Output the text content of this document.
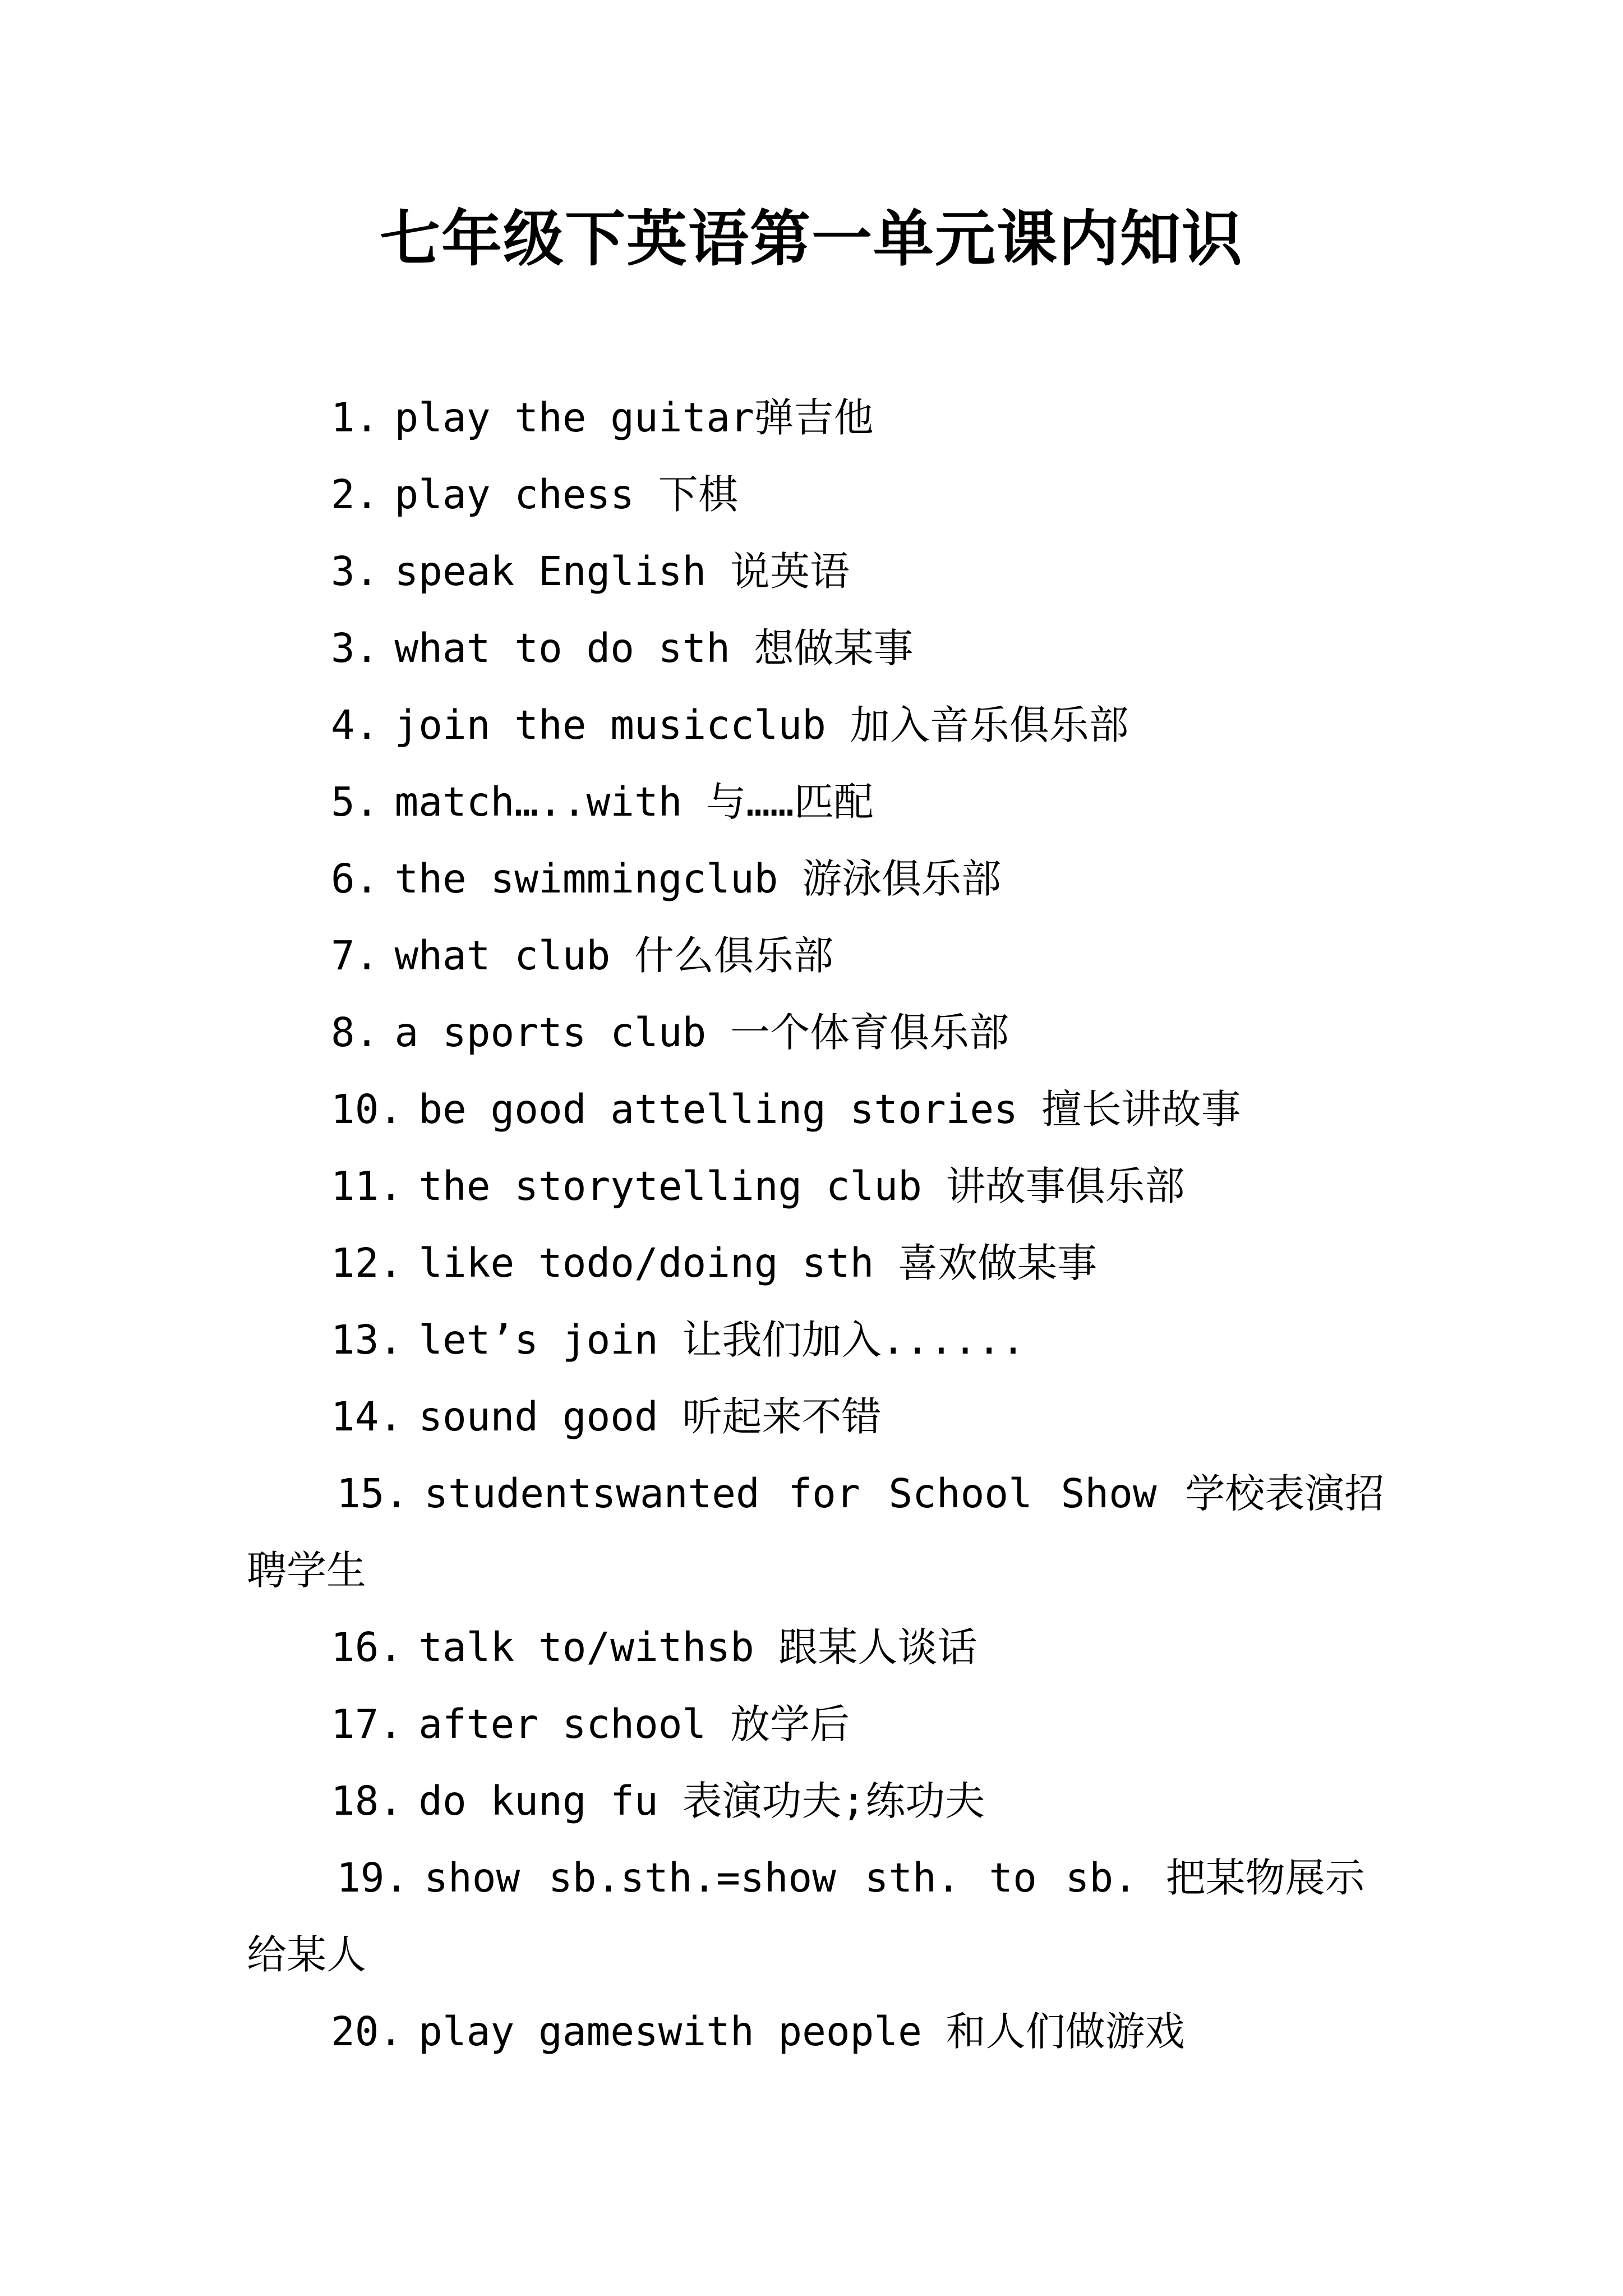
七年级下英语第一单元课内知识
1. play the guitar弹吉他
2. play chess 下棋
3. speak English 说英语
3. what to do sth 想做某事
4. join the musicclub 加入音乐俱乐部
5. match…..with 与……匹配
6. the swimmingclub 游泳俱乐部
7. what club 什么俱乐部
8. a sports club 一个体育俱乐部
10. be good attelling stories 擅长讲故事
11. the storytelling club 讲故事俱乐部
12. like todo/doing sth 喜欢做某事
13. let’s join 让我们加入......
14. sound good 听起来不错
15. studentswanted for School Show 学校表演招聘学生
16. talk to/withsb 跟某人谈话
17. after school 放学后
18. do kung fu 表演功夫;练功夫
19. show sb.sth.=show sth. to sb. 把某物展示给某人
20. play gameswith people 和人们做游戏
